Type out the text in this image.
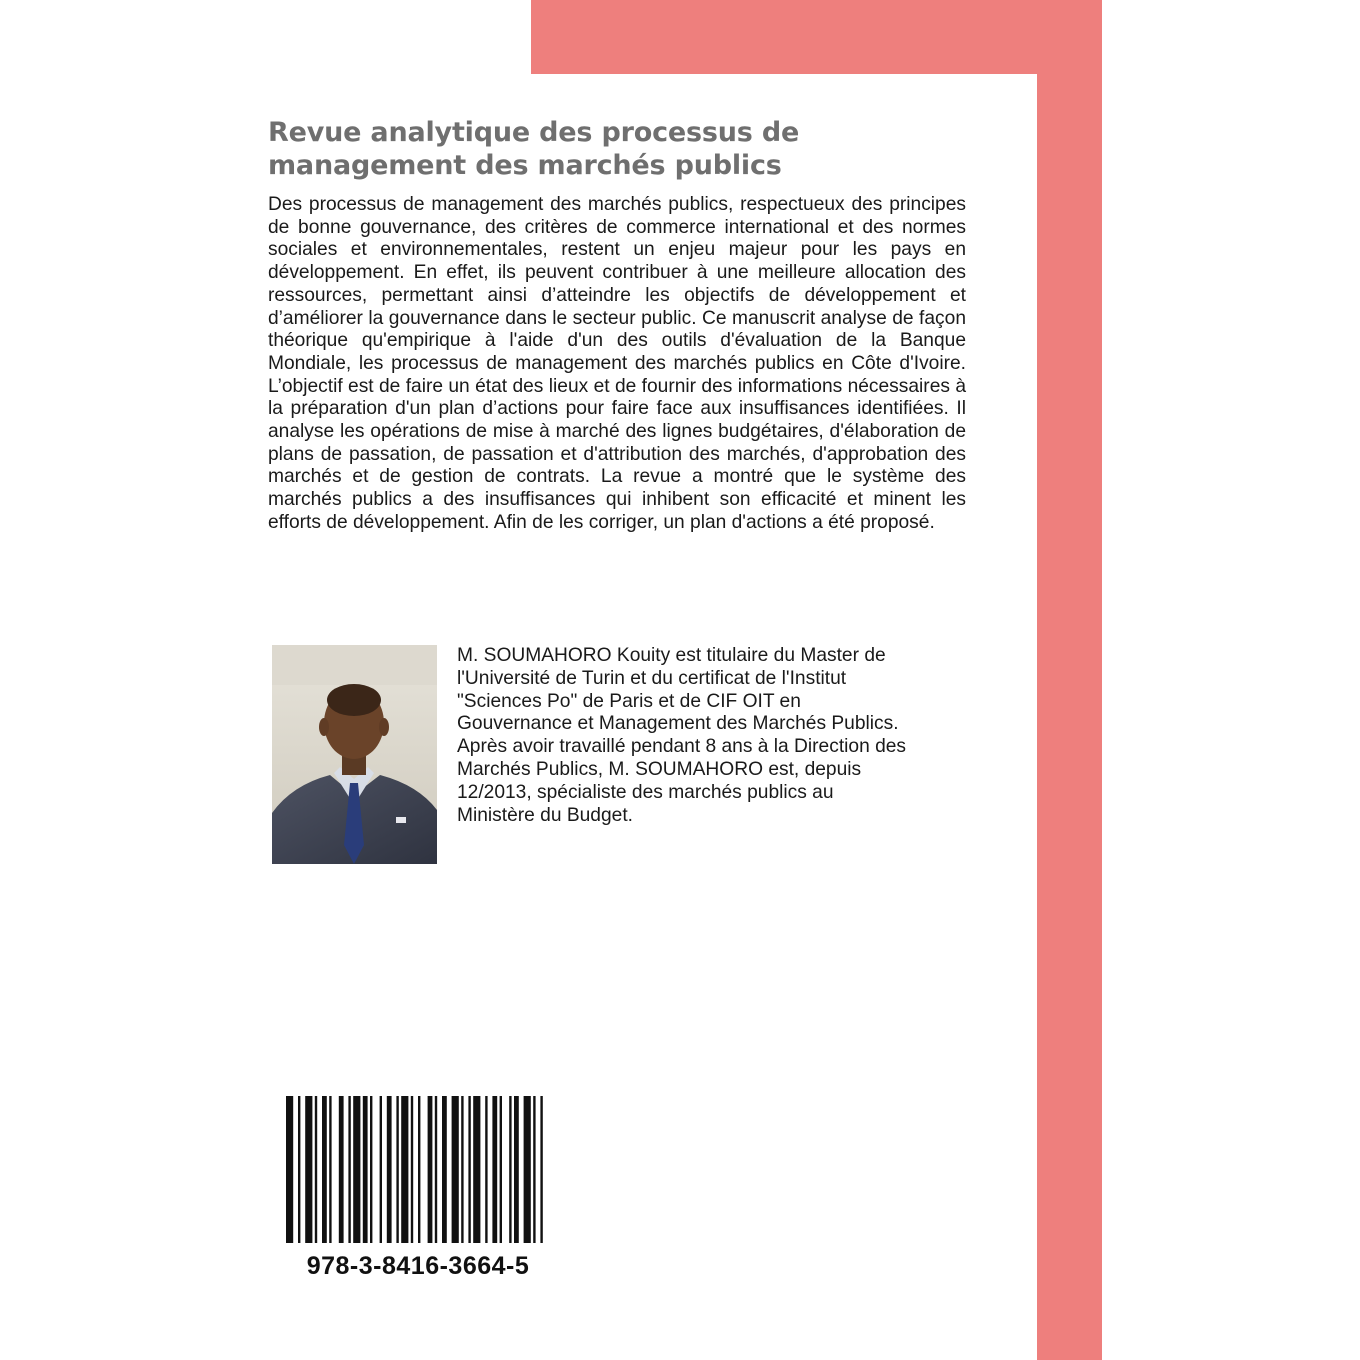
Revue analytique des processus de
management des marchés publics

Des processus de management des marchés publics, respectueux des principes de bonne gouvernance, des critères de commerce international et des normes sociales et environnementales, restent un enjeu majeur pour les pays en développement. En effet, ils peuvent contribuer à une meilleure allocation des ressources, permettant ainsi d’atteindre les objectifs de développement et d’améliorer la gouvernance dans le secteur public. Ce manuscrit analyse de façon théorique qu'empirique à l'aide d'un des outils d'évaluation de la Banque Mondiale, les processus de management des marchés publics en Côte d'Ivoire. L’objectif est de faire un état des lieux et de fournir des informations nécessaires à la préparation d'un plan d’actions pour faire face aux insuffisances identifiées. Il analyse les opérations de mise à marché des lignes budgétaires, d'élaboration de plans de passation, de passation et d'attribution des marchés, d'approbation des marchés et de gestion de contrats. La revue a montré que le système des marchés publics a des insuffisances qui inhibent son efficacité et minent les efforts de développement. Afin de les corriger, un plan d'actions a été proposé.

M. SOUMAHORO Kouity est titulaire du Master de
l'Université de Turin et du certificat de l'Institut
"Sciences Po" de Paris et de CIF OIT en
Gouvernance et Management des Marchés Publics.
Après avoir travaillé pendant 8 ans à la Direction des
Marchés Publics, M. SOUMAHORO est, depuis
12/2013, spécialiste des marchés publics au
Ministère du Budget.
978-3-8416-3664-5
